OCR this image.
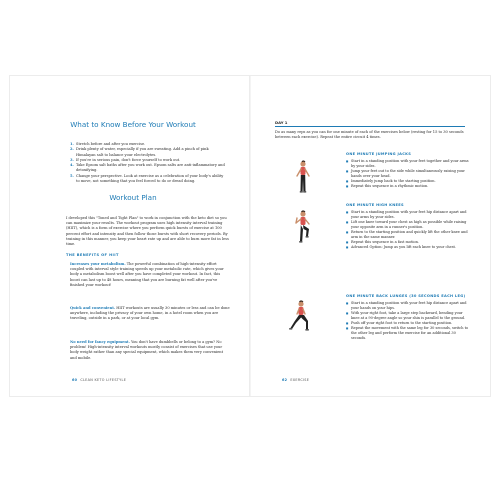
What to Know Before Your Workout
1. Stretch before and after you exercise.
2. Drink plenty of water, especially if you are sweating. Add a pinch of pink Himalayan salt to balance your electrolytes.
3. If you're in serious pain, don't force yourself to work out.
4. Take Epsom salt baths after you work out. Epsom salts are anti-inflammatory and detoxifying.
5. Change your perspective. Look at exercise as a celebration of your body's ability to move, not something that you feel forced to do or dread doing.
Workout Plan

I developed this "Toned and Tight Plan" to work in conjunction with the keto diet so you can maximize your results. The workout program uses high intensity interval training (HIIT), which is a form of exercise where you perform quick bursts of exercise at 100 percent effort and intensity and then follow those bursts with short recovery periods. By training in this manner, you keep your heart rate up and are able to burn more fat in less time.

THE BENEFITS OF HIIT

Increases your metabolism. The powerful combination of high-intensity effort coupled with interval style training speeds up your metabolic rate, which gives your body a metabolism boost well after you have completed your workout. In fact, this boost can last up to 48 hours, meaning that you are burning fat well after you've finished your workout!

Quick and convenient. HIIT workouts are usually 30 minutes or less and can be done anywhere, including the privacy of your own home, in a hotel room when you are traveling, outside in a park, or at your local gym.

No need for fancy equipment. You don't have dumbbells or belong to a gym? No problem! High-intensity interval workouts mostly consist of exercises that use your body weight rather than any special equipment, which makes them very convenient and mobile.

60 CLEAN KETO LIFESTYLE
DAY 1

Do as many reps as you can for one minute of each of the exercises below (resting for 15 to 30 seconds between each exercise). Repeat the entire circuit 4 times.

ONE MINUTE JUMPING JACKS
■ Start in a standing position with your feet together and your arms by your sides.
■ Jump your feet out to the side while simultaneously raising your hands over your head.
■ Immediately jump back to the starting position.
■ Repeat this sequence in a rhythmic motion.
ONE MINUTE HIGH KNEES
■ Start in a standing position with your feet hip distance apart and your arms by your sides.
■ Lift one knee toward your chest as high as possible while raising your opposite arm in a runner's position.
■ Return to the starting position and quickly lift the other knee and arm in the same manner.
■ Repeat this sequence in a fast motion.
■ Advanced Option: Jump as you lift each knee to your chest.
ONE MINUTE BACK LUNGES (30 SECONDS EACH LEG)
■ Start in a standing position with your feet hip distance apart and your hands on your hips.
■ With your right foot, take a large step backward, bending your knee at a 90-degree angle so your shin is parallel to the ground.
■ Push off your right foot to return to the starting position.
■ Repeat the movement with the same leg for 30 seconds, switch to the other leg and perform the exercise for an additional 30 seconds.
62 EXERCISE
